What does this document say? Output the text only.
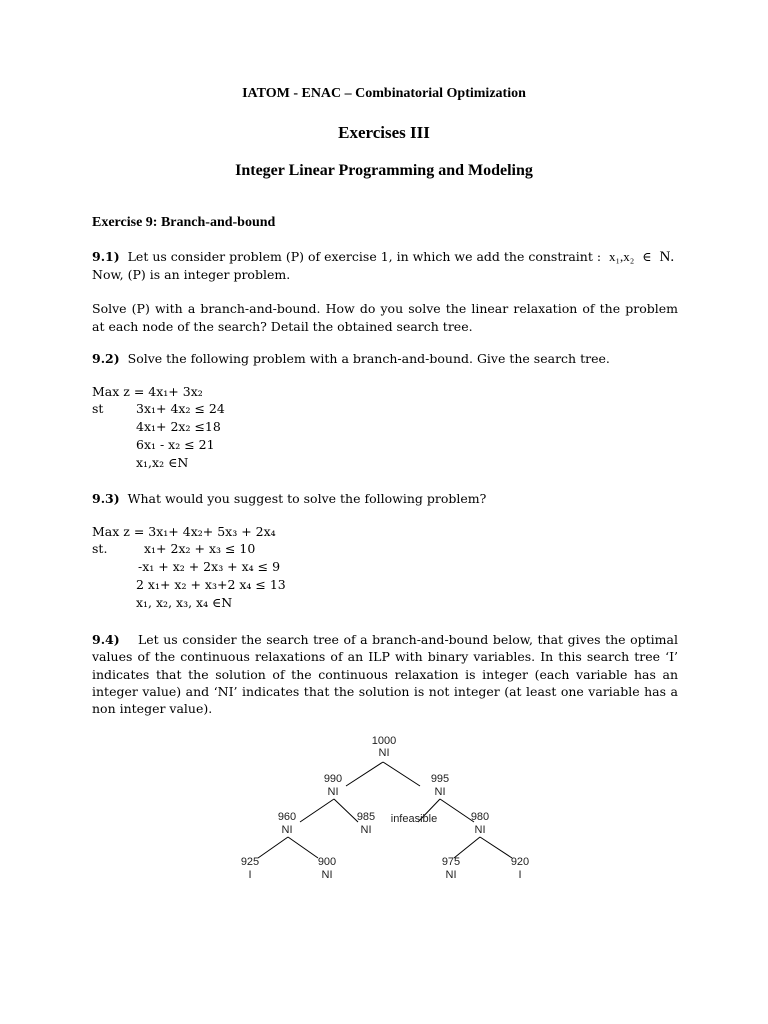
IATOM - ENAC – Combinatorial Optimization
Exercises III
Integer Linear Programming and Modeling
Exercise 9: Branch-and-bound
9.1) Let us consider problem (P) of exercise 1, in which we add the constraint : x₁,x₂ ∈ N.
Now, (P) is an integer problem.
Solve (P) with a branch-and-bound. How do you solve the linear relaxation of the problem at each node of the search? Detail the obtained search tree.
9.2) Solve the following problem with a branch-and-bound. Give the search tree.
Max z = 4x₁+ 3x₂
st	3x₁+ 4x₂ ≤ 24
4x₁+ 2x₂ ≤18
6x₁ - x₂ ≤ 21
x₁,x₂ ∈N
9.3) What would you suggest to solve the following problem?
Max z = 3x₁+ 4x₂+ 5x₃ + 2x₄
st.	x₁+ 2x₂ + x₃ ≤ 10
-x₁ + x₂ + 2x₃ + x₄ ≤ 9
2 x₁+ x₂ + x₃+2 x₄ ≤ 13
x₁, x₂, x₃, x₄ ∈N
9.4) Let us consider the search tree of a branch-and-bound below, that gives the optimal values of the continuous relaxations of an ILP with binary variables. In this search tree ‘I’ indicates that the solution of the continuous relaxation is integer (each variable has an integer value) and ‘NI’ indicates that the solution is not integer (at least one variable has a non integer value).
1000
NI
990
NI
995
NI
960
NI
985
NI
infeasible	980
NI
925
I
900
NI
975
NI
920
I
